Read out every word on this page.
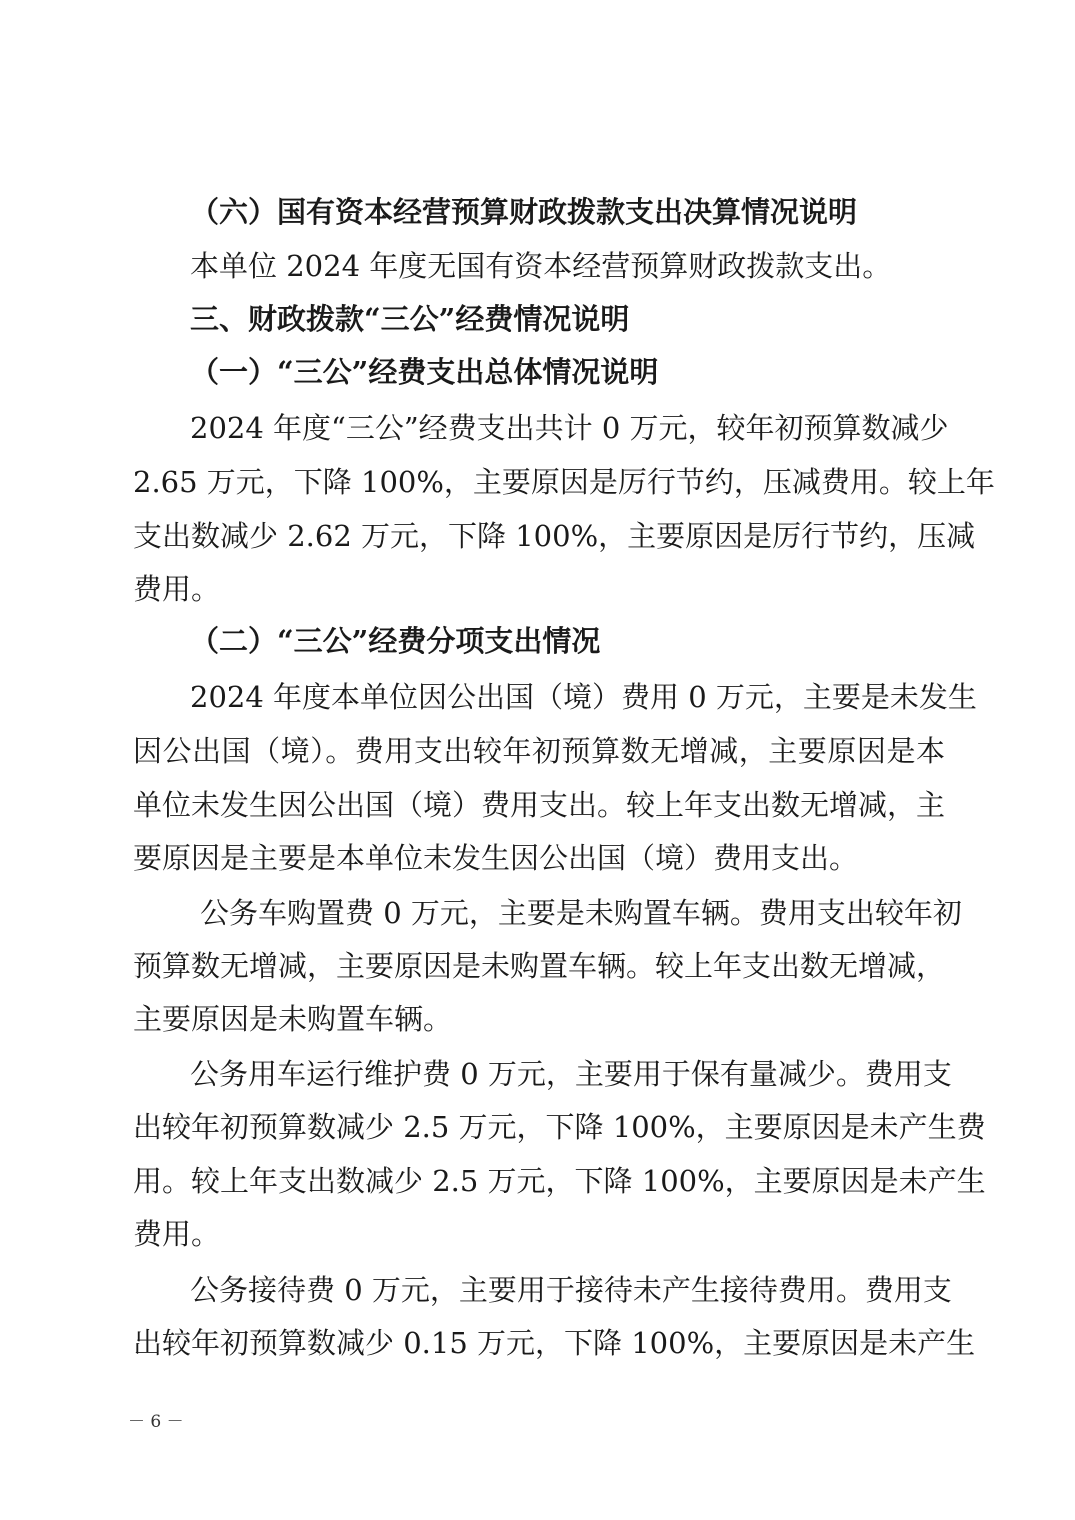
（六）国有资本经营预算财政拨款支出决算情况说明
本单位 2024 年度无国有资本经营预算财政拨款支出。
三、财政拨款“三公”经费情况说明
（一）“三公”经费支出总体情况说明
2024 年度“三公”经费支出共计 0 万元，较年初预算数减少
2.65 万元，下降 100%，主要原因是厉行节约，压减费用。较上年
支出数减少 2.62 万元，下降 100%，主要原因是厉行节约，压减
费用。
（二）“三公”经费分项支出情况
2024 年度本单位因公出国（境）费用 0 万元，主要是未发生
因公出国（境）。费用支出较年初预算数无增减，主要原因是本
单位未发生因公出国（境）费用支出。较上年支出数无增减，主
要原因是主要是本单位未发生因公出国（境）费用支出。
公务车购置费 0 万元，主要是未购置车辆。费用支出较年初
预算数无增减，主要原因是未购置车辆。较上年支出数无增减，
主要原因是未购置车辆。
公务用车运行维护费 0 万元，主要用于保有量减少。费用支
出较年初预算数减少 2.5 万元，下降 100%，主要原因是未产生费
用。较上年支出数减少 2.5 万元，下降 100%，主要原因是未产生
费用。
公务接待费 0 万元，主要用于接待未产生接待费用。费用支
出较年初预算数减少 0.15 万元，下降 100%，主要原因是未产生
－ 6 －
